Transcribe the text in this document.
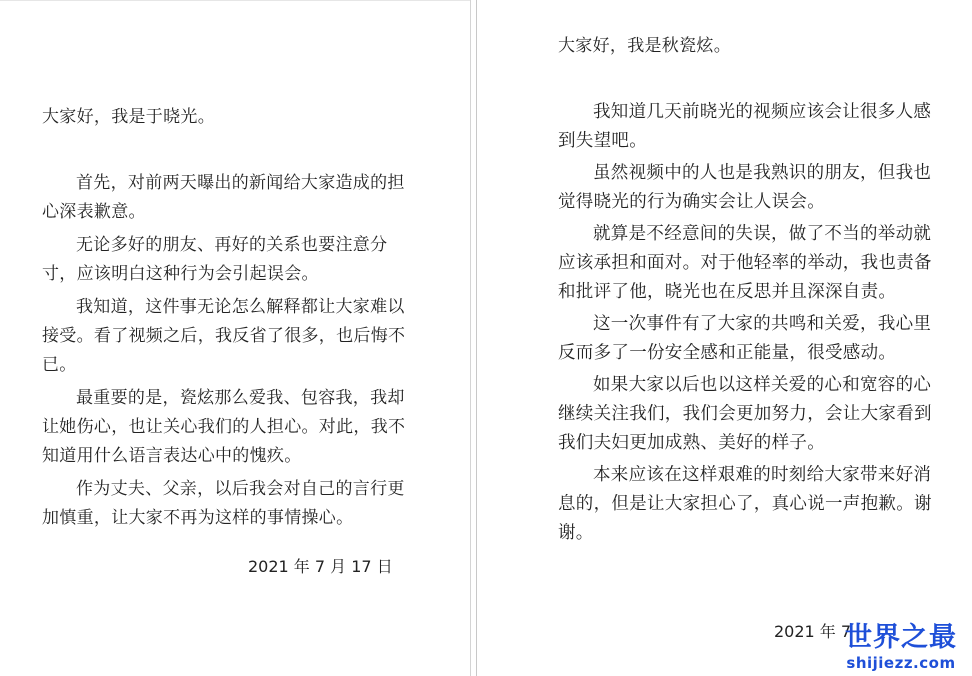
大家好，我是于晓光。

首先，对前两天曝出的新闻给大家造成的担心深表歉意。

无论多好的朋友、再好的关系也要注意分寸，应该明白这种行为会引起误会。

我知道，这件事无论怎么解释都让大家难以接受。看了视频之后，我反省了很多，也后悔不已。

最重要的是，瓷炫那么爱我、包容我，我却让她伤心，也让关心我们的人担心。对此，我不知道用什么语言表达心中的愧疚。

作为丈夫、父亲，以后我会对自己的言行更加慎重，让大家不再为这样的事情操心。

2021 年 7 月 17 日

大家好，我是秋瓷炫。

我知道几天前晓光的视频应该会让很多人感到失望吧。

虽然视频中的人也是我熟识的朋友，但我也觉得晓光的行为确实会让人误会。

就算是不经意间的失误，做了不当的举动就应该承担和面对。对于他轻率的举动，我也责备和批评了他，晓光也在反思并且深深自责。

这一次事件有了大家的共鸣和关爱，我心里反而多了一份安全感和正能量，很受感动。

如果大家以后也以这样关爱的心和宽容的心继续关注我们，我们会更加努力，会让大家看到我们夫妇更加成熟、美好的样子。

本来应该在这样艰难的时刻给大家带来好消息的，但是让大家担心了，真心说一声抱歉。谢谢。

2021 年 7

世界之最
shijiezz.com
